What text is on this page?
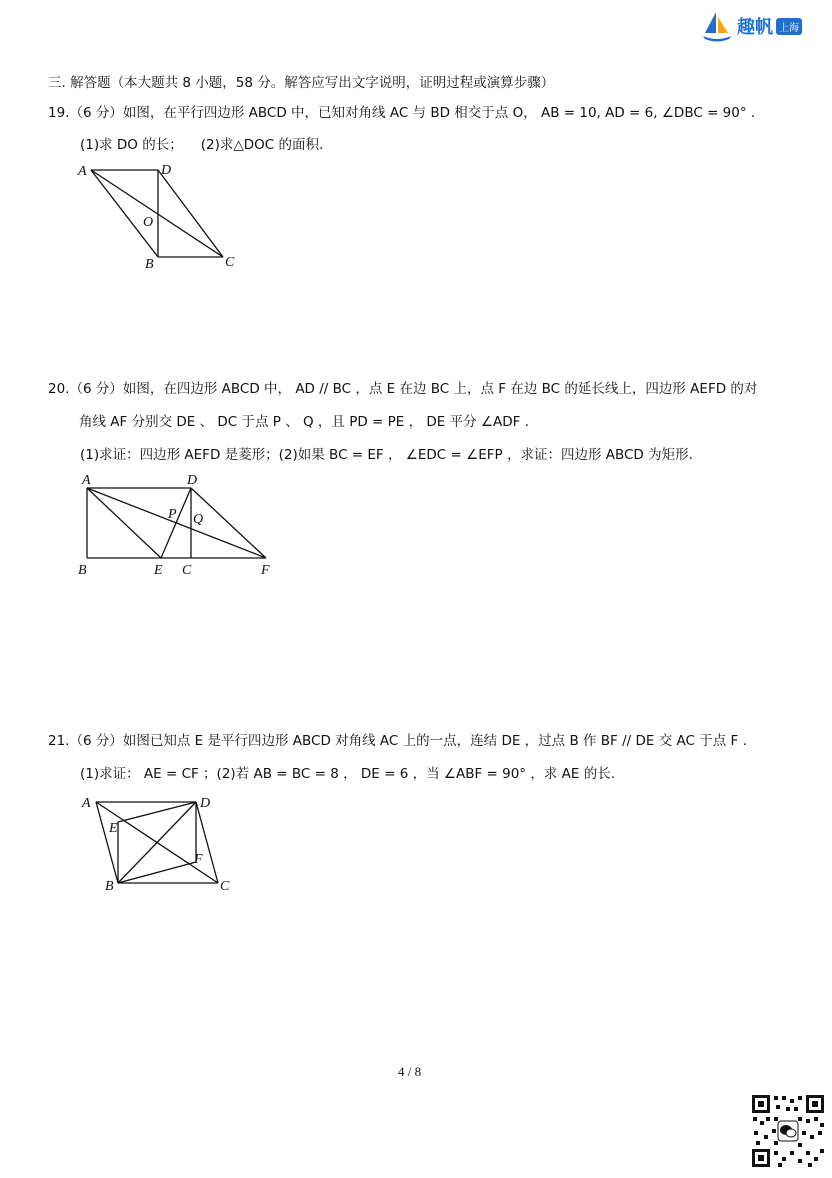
趣帆 上海
三. 解答题（本大题共 8 小题，58 分。解答应写出文字说明，证明过程或演算步骤）
19.（6 分）如图，在平行四边形 ABCD 中，已知对角线 AC 与 BD 相交于点 O， AB = 10, AD = 6, ∠DBC = 90° .
(1)求 DO 的长； (2)求△DOC 的面积.
A	D
O
B	C
20.（6 分）如图，在四边形 ABCD 中， AD // BC ，点 E 在边 BC 上，点 F 在边 BC 的延长线上，四边形 AEFD 的对
角线 AF 分别交 DE 、 DC 于点 P 、 Q ，且 PD = PE ， DE 平分 ∠ADF .
(1)求证：四边形 AEFD 是菱形；(2)如果 BC = EF ， ∠EDC = ∠EFP ，求证：四边形 ABCD 为矩形.
A	D
P Q
B	E C	F
21.（6 分）如图已知点 E 是平行四边形 ABCD 对角线 AC 上的一点，连结 DE ，过点 B 作 BF // DE 交 AC 于点 F .
(1)求证： AE = CF ；(2)若 AB = BC = 8 ， DE = 6 ，当 ∠ABF = 90° ，求 AE 的长.
A	D
E
F
B	C
4 / 8
